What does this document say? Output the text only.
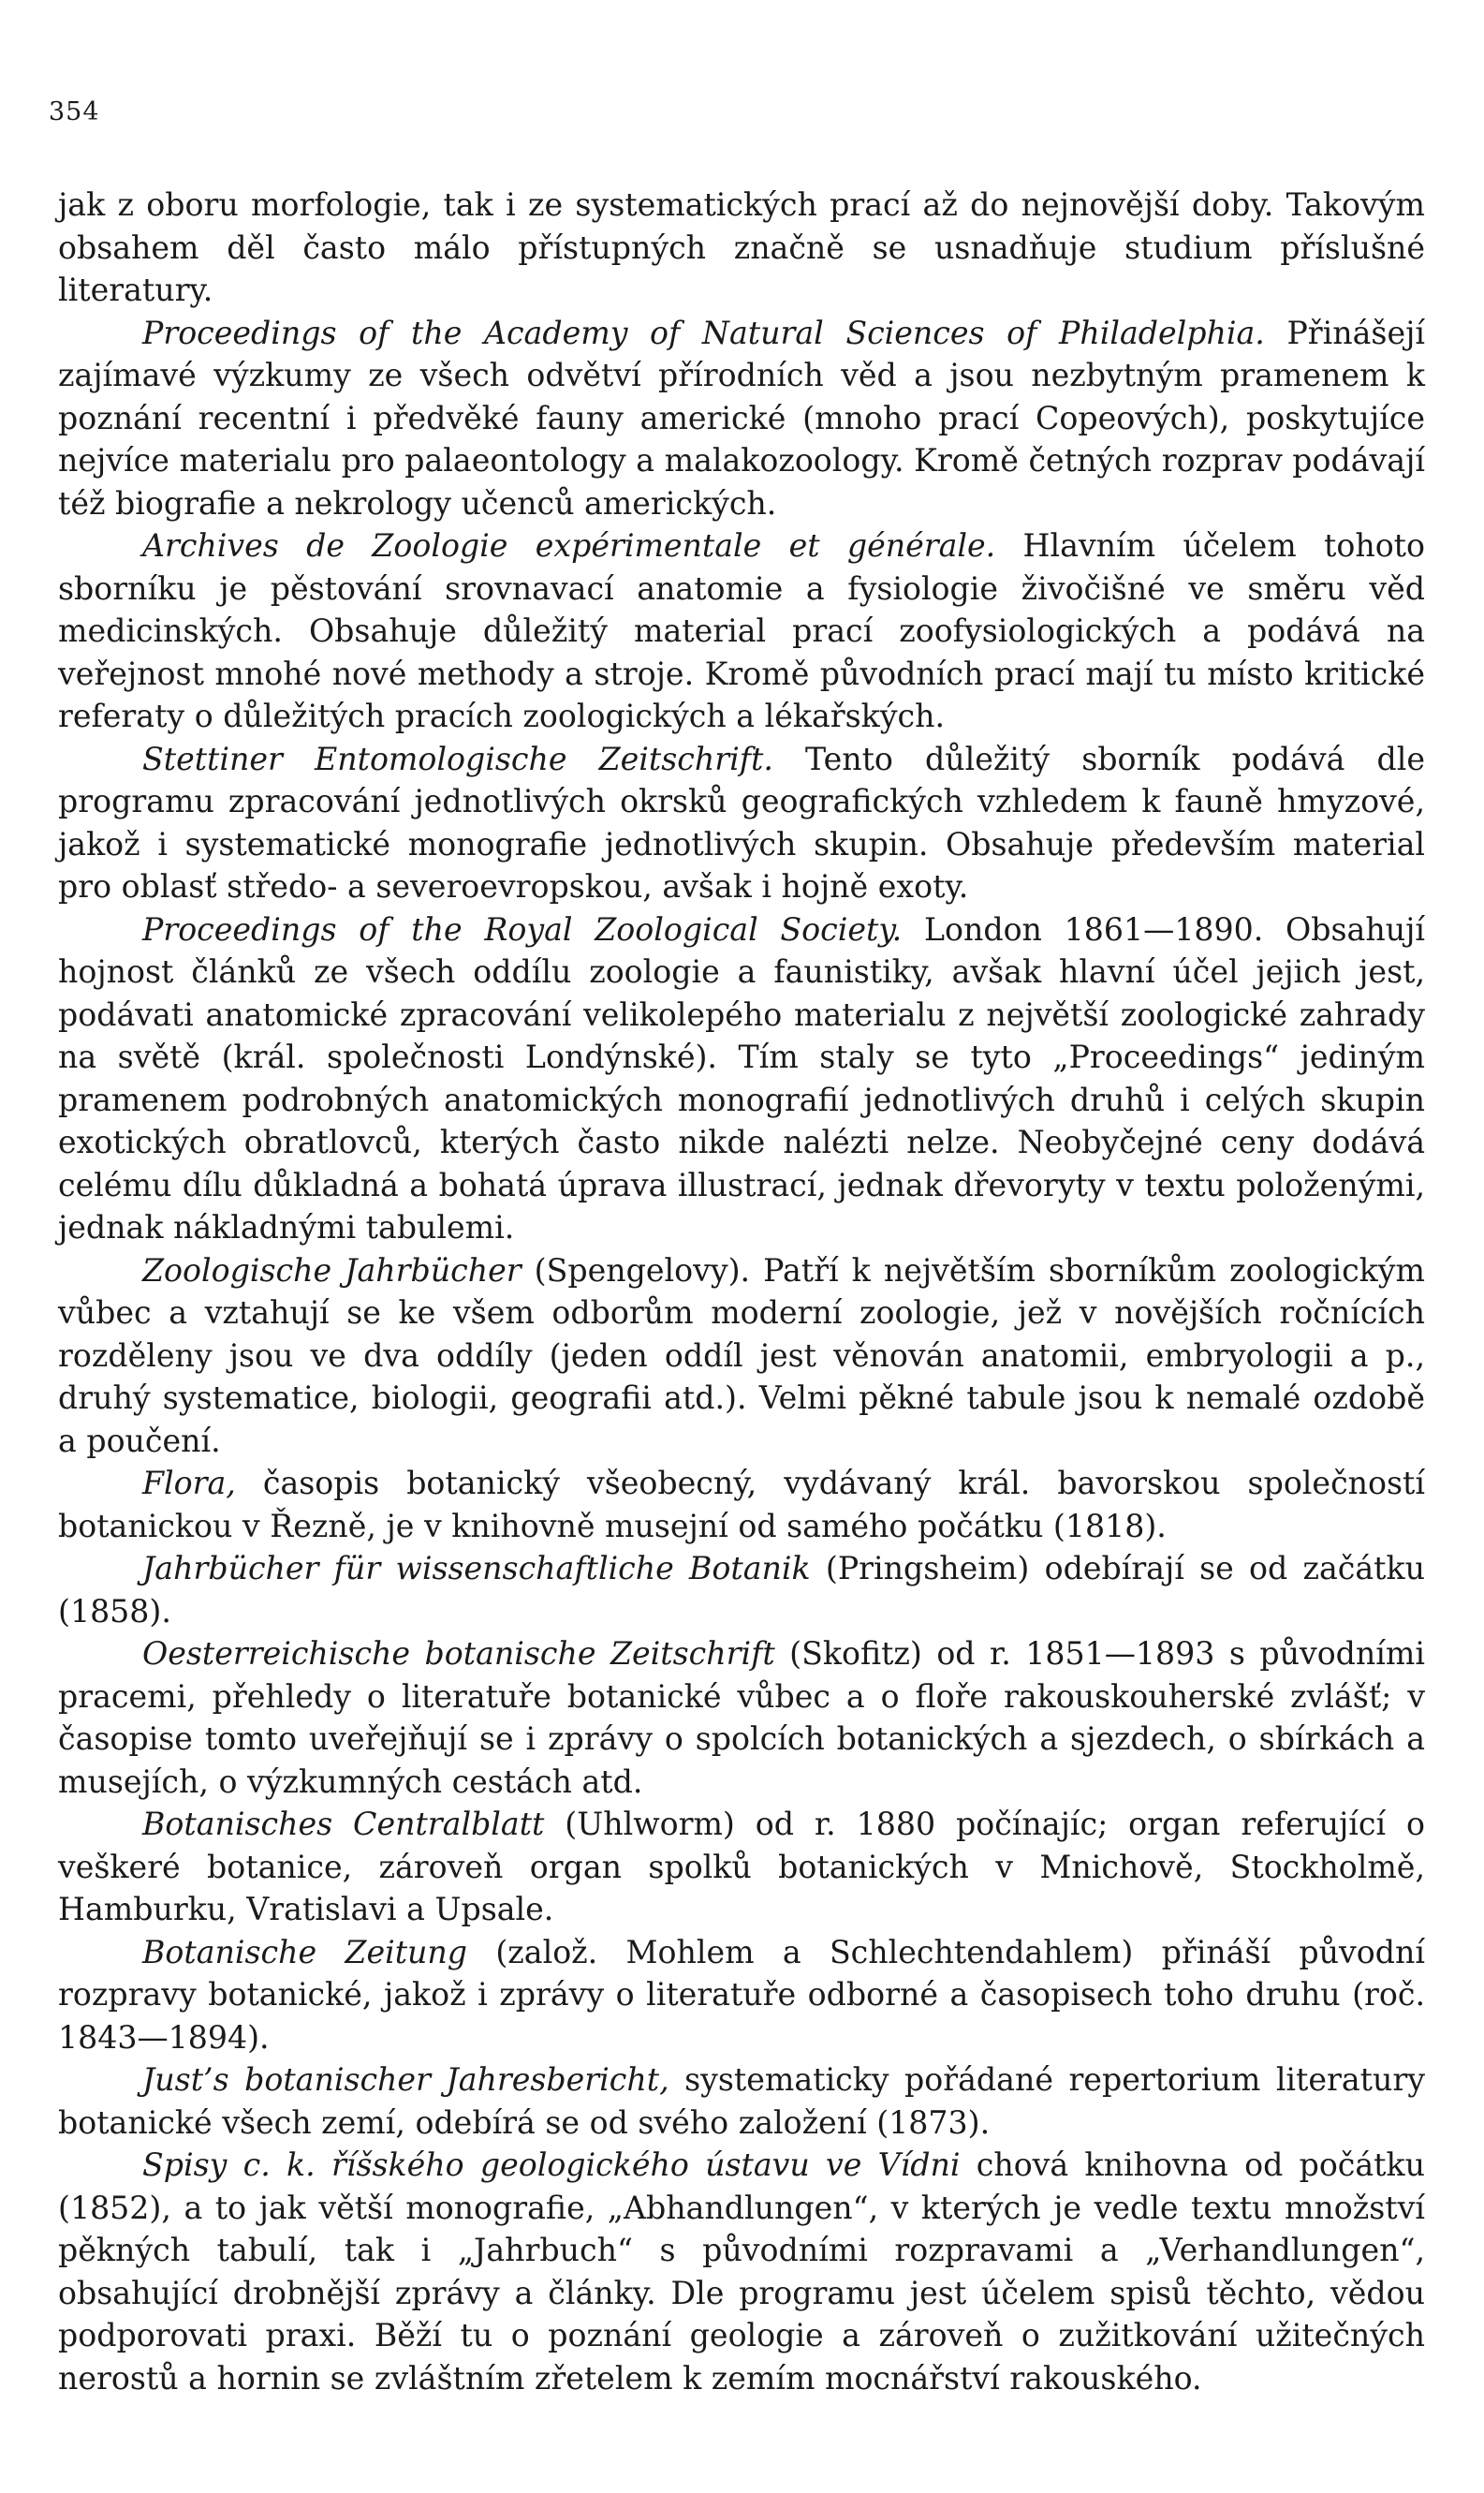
354

jak z oboru morfologie, tak i ze systematických prací až do nejnovější doby. Takovým obsahem děl často málo přístupných značně se usnadňuje studium příslušné literatury.

Proceedings of the Academy of Natural Sciences of Philadelphia. Přinášejí zajímavé výzkumy ze všech odvětví přírodních věd a jsou nezbytným pramenem k poznání recentní i předvěké fauny americké (mnoho prací Copeových), poskytujíce nejvíce materialu pro palaeontology a malakozoology. Kromě četných rozprav podávají též biografie a nekrology učenců amerických.

Archives de Zoologie expérimentale et générale. Hlavním účelem tohoto sborníku je pěstování srovnavací anatomie a fysiologie živočišné ve směru věd medicinských. Obsahuje důležitý material prací zoofysiologických a podává na veřejnost mnohé nové methody a stroje. Kromě původních prací mají tu místo kritické referaty o důležitých pracích zoologických a lékařských.

Stettiner Entomologische Zeitschrift. Tento důležitý sborník podává dle programu zpracování jednotlivých okrsků geografických vzhledem k fauně hmyzové, jakož i systematické monografie jednotlivých skupin. Obsahuje především material pro oblasť středo- a severoevropskou, avšak i hojně exoty.

Proceedings of the Royal Zoological Society. London 1861—1890. Obsahují hojnost článků ze všech oddílu zoologie a faunistiky, avšak hlavní účel jejich jest, podávati anatomické zpracování velikolepého materialu z největší zoologické zahrady na světě (král. společnosti Londýnské). Tím staly se tyto „Proceedings“ jediným pramenem podrobných anatomických monografií jednotlivých druhů i celých skupin exotických obratlovců, kterých často nikde nalézti nelze. Neobyčejné ceny dodává celému dílu důkladná a bohatá úprava illustrací, jednak dřevoryty v textu položenými, jednak nákladnými tabulemi.

Zoologische Jahrbücher (Spengelovy). Patří k největším sborníkům zoologickým vůbec a vztahují se ke všem odborům moderní zoologie, jež v novějších ročnících rozděleny jsou ve dva oddíly (jeden oddíl jest věnován anatomii, embryologii a p., druhý systematice, biologii, geografii atd.). Velmi pěkné tabule jsou k nemalé ozdobě a poučení.

Flora, časopis botanický všeobecný, vydávaný král. bavorskou společností botanickou v Řezně, je v knihovně musejní od samého počátku (1818).

Jahrbücher für wissenschaftliche Botanik (Pringsheim) odebírají se od začátku (1858).

Oesterreichische botanische Zeitschrift (Skofitz) od r. 1851—1893 s původními pracemi, přehledy o literatuře botanické vůbec a o floře rakouskouherské zvlášť; v časopise tomto uveřejňují se i zprávy o spolcích botanických a sjezdech, o sbírkách a musejích, o výzkumných cestách atd.

Botanisches Centralblatt (Uhlworm) od r. 1880 počínajíc; organ referující o veškeré botanice, zároveň organ spolků botanických v Mnichově, Stockholmě, Hamburku, Vratislavi a Upsale.

Botanische Zeitung (založ. Mohlem a Schlechtendahlem) přináší původní rozpravy botanické, jakož i zprávy o literatuře odborné a časopisech toho druhu (roč. 1843—1894).

Just’s botanischer Jahresbericht, systematicky pořádané repertorium literatury botanické všech zemí, odebírá se od svého založení (1873).

Spisy c. k. říšského geologického ústavu ve Vídni chová knihovna od počátku (1852), a to jak větší monografie, „Abhandlungen“, v kterých je vedle textu množství pěkných tabulí, tak i „Jahrbuch“ s původními rozpravami a „Verhandlungen“, obsahující drobnější zprávy a články. Dle programu jest účelem spisů těchto, vědou podporovati praxi. Běží tu o poznání geologie a zároveň o zužitkování užitečných nerostů a hornin se zvláštním zřetelem k zemím mocnářství rakouského.
